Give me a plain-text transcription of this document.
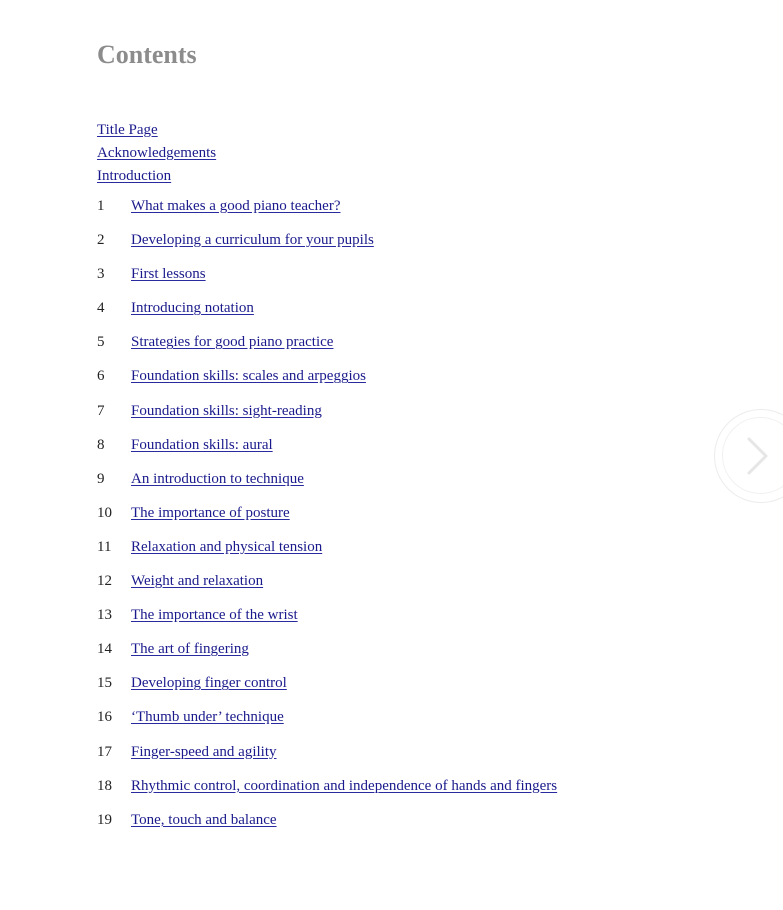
Contents
Title Page
Acknowledgements
Introduction
1	What makes a good piano teacher?
2	Developing a curriculum for your pupils
3	First lessons
4	Introducing notation
5	Strategies for good piano practice
6	Foundation skills: scales and arpeggios
7	Foundation skills: sight-reading
8	Foundation skills: aural
9	An introduction to technique
10	The importance of posture
11	Relaxation and physical tension
12	Weight and relaxation
13	The importance of the wrist
14	The art of fingering
15	Developing finger control
16	‘Thumb under’ technique
17	Finger-speed and agility
18	Rhythmic control, coordination and independence of hands and fingers
19	Tone, touch and balance
